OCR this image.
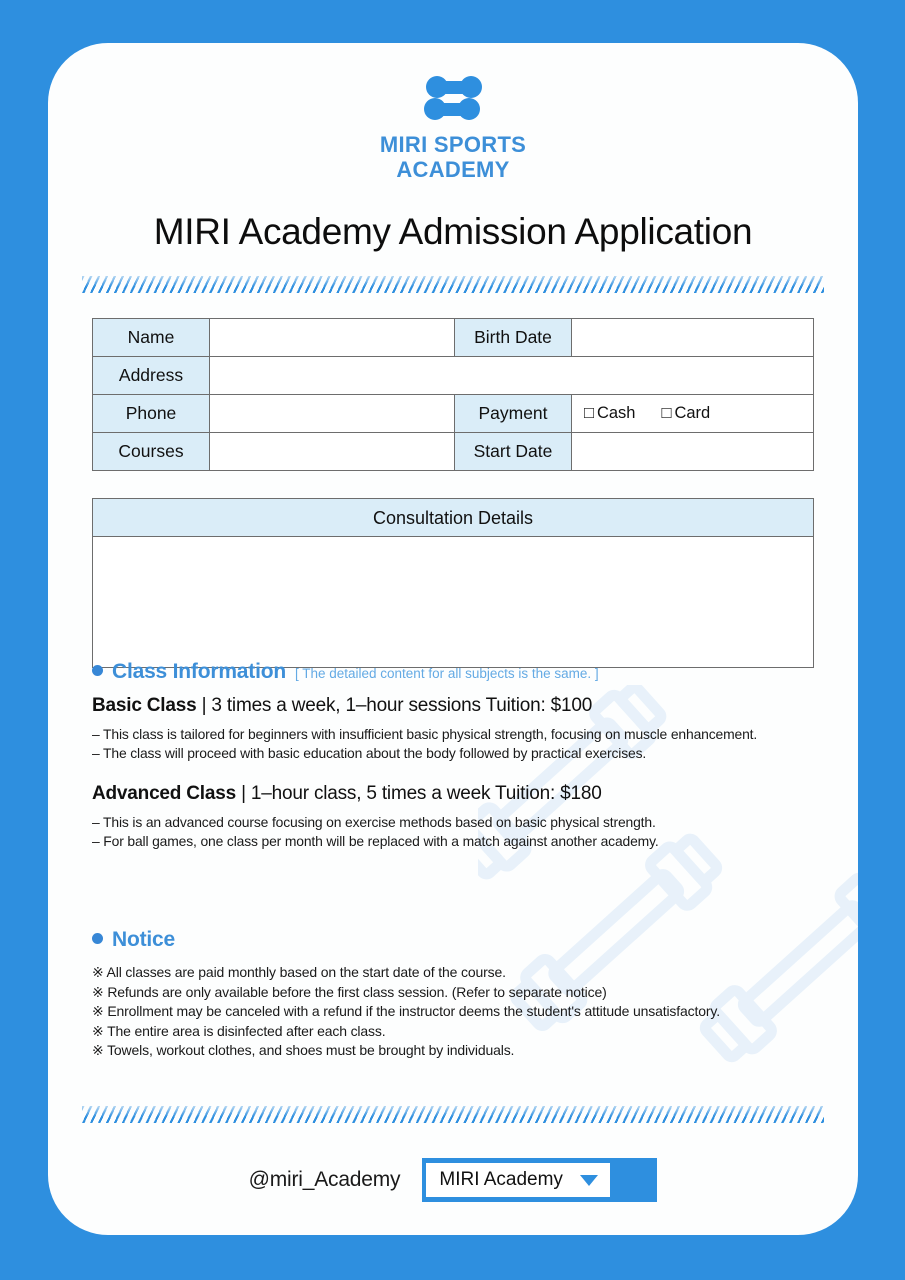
MIRI SPORTS
ACADEMY
MIRI Academy Admission Application
Name		Birth Date	
Address			
Phone		Payment	□ Cash □ Card

Courses		Start Date	
Consultation Details
Class Information [ The detailed content for all subjects is the same. ]
Basic Class | 3 times a week, 1–hour sessions Tuition: $100
– This class is tailored for beginners with insufficient basic physical strength, focusing on muscle enhancement.
– The class will proceed with basic education about the body followed by practical exercises.
Advanced Class | 1–hour class, 5 times a week Tuition: $180
– This is an advanced course focusing on exercise methods based on basic physical strength.
– For ball games, one class per month will be replaced with a match against another academy.
Notice
※ All classes are paid monthly based on the start date of the course.
※ Refunds are only available before the first class session. (Refer to separate notice)
※ Enrollment may be canceled with a refund if the instructor deems the student's attitude unsatisfactory.
※ The entire area is disinfected after each class.
※ Towels, workout clothes, and shoes must be brought by individuals.
@miri_Academy MIRI Academy
